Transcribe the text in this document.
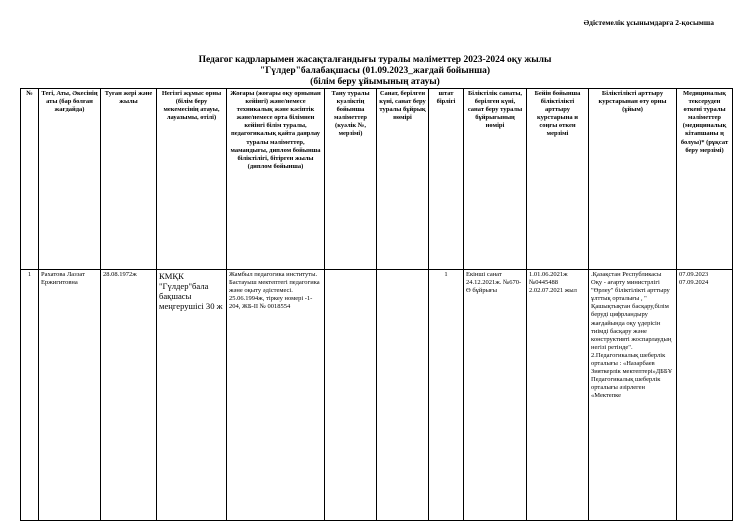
Әдістемелік ұсынымдарға 2-қосымша
Педагог кадрларымен жасақталғандығы туралы мәліметтер 2023-2024 оқу жылы
"Гүлдер"балабақшасы (01.09.2023_жағдай бойынша)
(білім беру ұйымының атауы)
№	Тегі, Аты, Әкесінің аты (бар болған жағдайда)	Туған жері және жылы	Негізгі жұмыс орны (білім беру мекемесінің атауы, лауазымы, өтілі)	Жоғары (жоғары оқу орнынан кейінгі) және/немесе техникалық және кәсіптік және/немесе орта білімнен кейінгі білім туралы, педагогикалық қайта даярлау туралы мәліметтер, мамандығы, диплом бойынша біліктілігі, бітірген жылы (диплом бойынша)	Тану туралы куәліктің бойынша мәліметтер (куәлік №, мерзімі)	Санат, берілген күні, санат беру туралы бұйрық нөмірі	штат бірлігі	Біліктілік санаты, берілген күні, санат беру туралы бұйрығының нөмірі	Бейін бойынша біліктілікті арттыру курстарына и соңғы өткен мерзімі	Біліктілікті арттыру курстарынан өту орны (ұйым)	Медициналық тексеруден өткені туралы мәліметтер (медициналық кітапшаны ң болуы)* (рұқсат беру мерзімі)
1	Рахатова Лаззат Ержигитовна	28.08.1972ж	КМҚК "Гүлдер"бала бақшасы меңгерушісі 30 ж	Жамбыл педагогика институты. Бастауыш мектептегі педагогика және оқыту әдістемесі. 25.06.1994ж, тіркеу номері -1-204, ЖБ-ІІ № 0018554			1	Екінші санат 24.12.2021ж. №670-Ө бұйрығы	1.01.06.2021ж №0445488 2.02.07.2021 жыл	.Қазақстан Республикасы Оқу - ағарту министрлігі "Өрлеу" біліктілікті арттыру ұлттық орталығы , " Қашықтықтан басқару,білім беруді цифрландыру жағдайында оқу үдерісін тиімді басқару және конструктивті жоспарлаудың негізі ретінде". 2.Педагогикалық шеберлік орталығы : «Назарбаев Зияткерлік мектептері»ДББҰ Педагогикалық шеберлік орталығы әзірлеген «Мектепке	07.09.2023 07.09.2024
